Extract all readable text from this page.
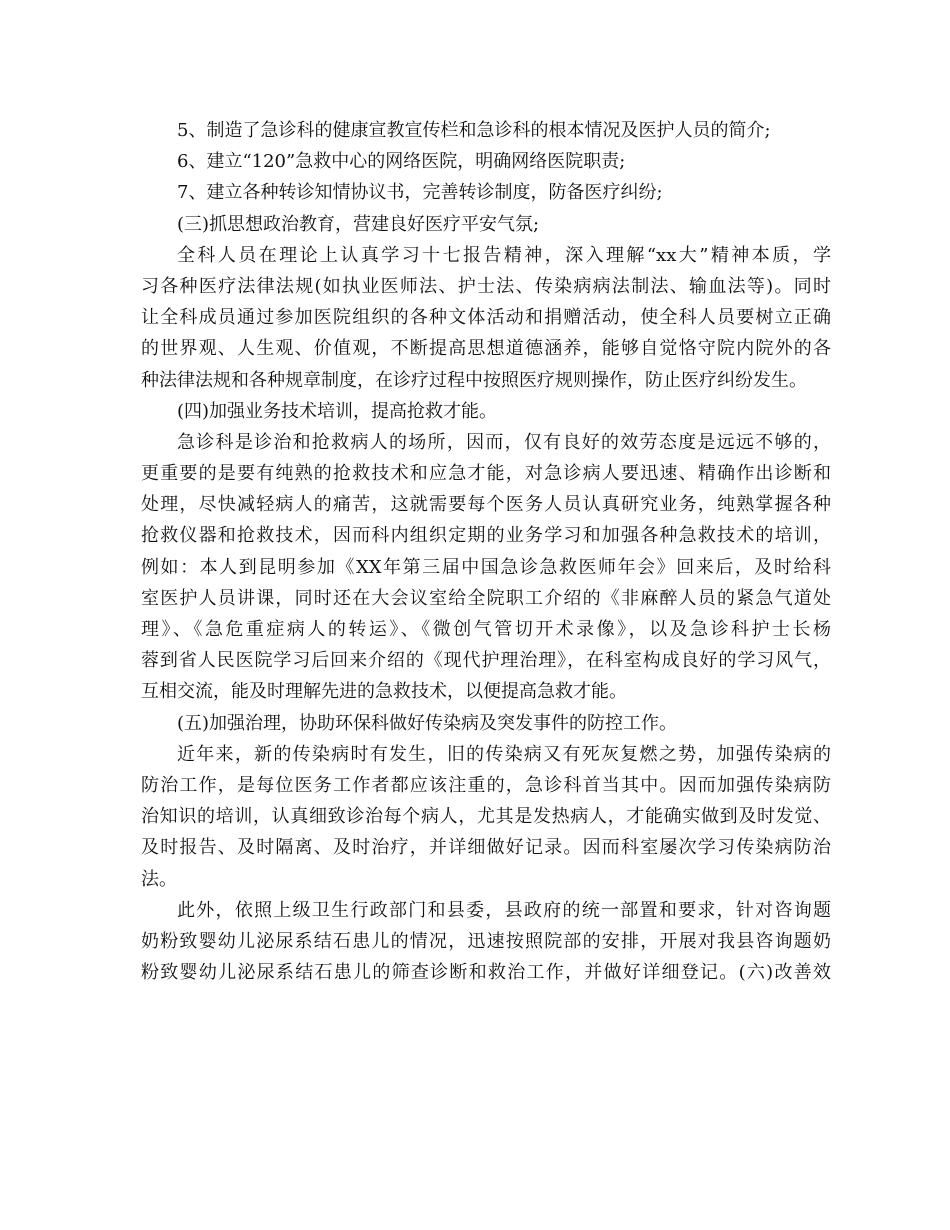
5、制造了急诊科的健康宣教宣传栏和急诊科的根本情况及医护人员的简介;
6、建立“120”急救中心的网络医院，明确网络医院职责;
7、建立各种转诊知情协议书，完善转诊制度，防备医疗纠纷;
(三)抓思想政治教育，营建良好医疗平安气氛;
全科人员在理论上认真学习十七报告精神，深入理解“xx大”精神本质，学
习各种医疗法律法规(如执业医师法、护士法、传染病病法制法、输血法等)。同时
让全科成员通过参加医院组织的各种文体活动和捐赠活动，使全科人员要树立正确
的世界观、人生观、价值观，不断提高思想道德涵养，能够自觉恪守院内院外的各
种法律法规和各种规章制度，在诊疗过程中按照医疗规则操作，防止医疗纠纷发生。
(四)加强业务技术培训，提高抢救才能。
急诊科是诊治和抢救病人的场所，因而，仅有良好的效劳态度是远远不够的，
更重要的是要有纯熟的抢救技术和应急才能，对急诊病人要迅速、精确作出诊断和
处理，尽快减轻病人的痛苦，这就需要每个医务人员认真研究业务，纯熟掌握各种
抢救仪器和抢救技术，因而科内组织定期的业务学习和加强各种急救技术的培训，
例如：本人到昆明参加《XX年第三届中国急诊急救医师年会》回来后，及时给科
室医护人员讲课，同时还在大会议室给全院职工介绍的《非麻醉人员的紧急气道处
理》、《急危重症病人的转运》、《微创气管切开术录像》，以及急诊科护士长杨
蓉到省人民医院学习后回来介绍的《现代护理治理》，在科室构成良好的学习风气，
互相交流，能及时理解先进的急救技术，以便提高急救才能。
(五)加强治理，协助环保科做好传染病及突发事件的防控工作。
近年来，新的传染病时有发生，旧的传染病又有死灰复燃之势，加强传染病的
防治工作，是每位医务工作者都应该注重的，急诊科首当其中。因而加强传染病防
治知识的培训，认真细致诊治每个病人，尤其是发热病人，才能确实做到及时发觉、
及时报告、及时隔离、及时治疗，并详细做好记录。因而科室屡次学习传染病防治
法。
此外，依照上级卫生行政部门和县委，县政府的统一部置和要求，针对咨询题
奶粉致婴幼儿泌尿系结石患儿的情况，迅速按照院部的安排，开展对我县咨询题奶
粉致婴幼儿泌尿系结石患儿的筛查诊断和救治工作，并做好详细登记。(六)改善效
